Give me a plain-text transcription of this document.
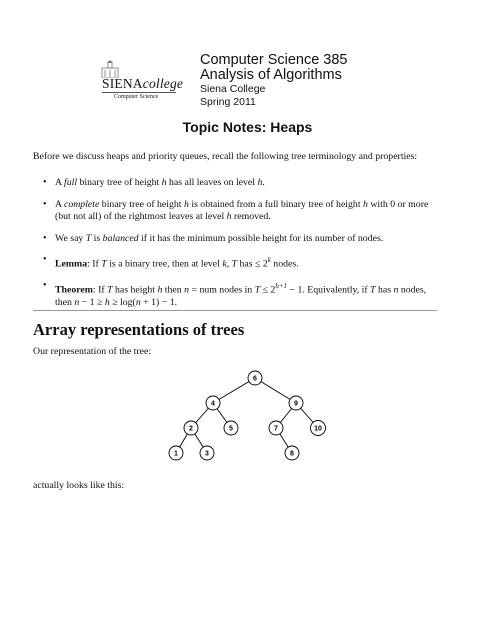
SIENAcollege
Computer Science
Computer Science 385
Analysis of Algorithms
Siena College
Spring 2011
Topic Notes: Heaps
Before we discuss heaps and priority queues, recall the following tree terminology and properties:
• A full binary tree of height h has all leaves on level h.
• A complete binary tree of height h is obtained from a full binary tree of height h with 0 or more (but not all) of the rightmost leaves at level h removed.
• We say T is balanced if it has the minimum possible height for its number of nodes.
• Lemma: If T is a binary tree, then at level k, T has ≤ $2^k$ nodes.
• Theorem: If T has height h then n = num nodes in $T \le 2^{h+1} - 1$. Equivalently, if T has n nodes, then n − 1 ≥ h ≥ log(n + 1) − 1.
Array representations of trees
Our representation of the tree:
6
4	9
2	5	7	10
1	3	8
actually looks like this:
